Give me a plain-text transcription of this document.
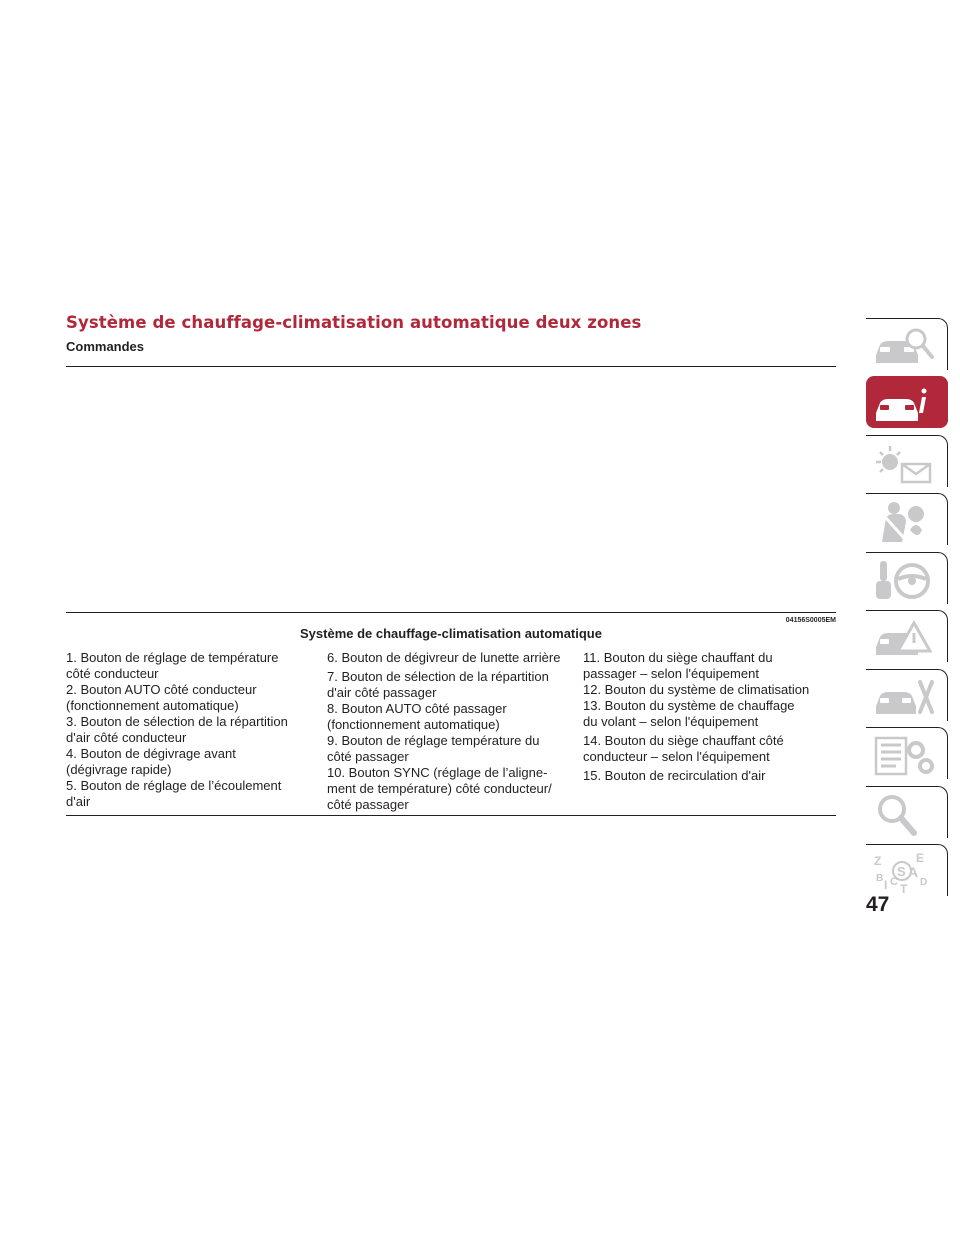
Système de chauffage-climatisation automatique deux zones
Commandes
04156S0005EM
Système de chauffage-climatisation automatique
1. Bouton de réglage de température
côté conducteur
2. Bouton AUTO côté conducteur
(fonctionnement automatique)
3. Bouton de sélection de la répartition
d'air côté conducteur
4. Bouton de dégivrage avant
(dégivrage rapide)
5. Bouton de réglage de l’écoulement
d'air
6. Bouton de dégivreur de lunette arrière
7. Bouton de sélection de la répartition
d'air côté passager
8. Bouton AUTO côté passager
(fonctionnement automatique)
9. Bouton de réglage température du
côté passager
10. Bouton SYNC (réglage de l’aligne-
ment de température) côté conducteur/
côté passager
11. Bouton du siège chauffant du
passager – selon l'équipement
12. Bouton du système de climatisation
13. Bouton du système de chauffage
du volant – selon l'équipement
14. Bouton du siège chauffant côté
conducteur – selon l'équipement
15. Bouton de recirculation d'air
Z	E
B A
D
I C T
S
47
